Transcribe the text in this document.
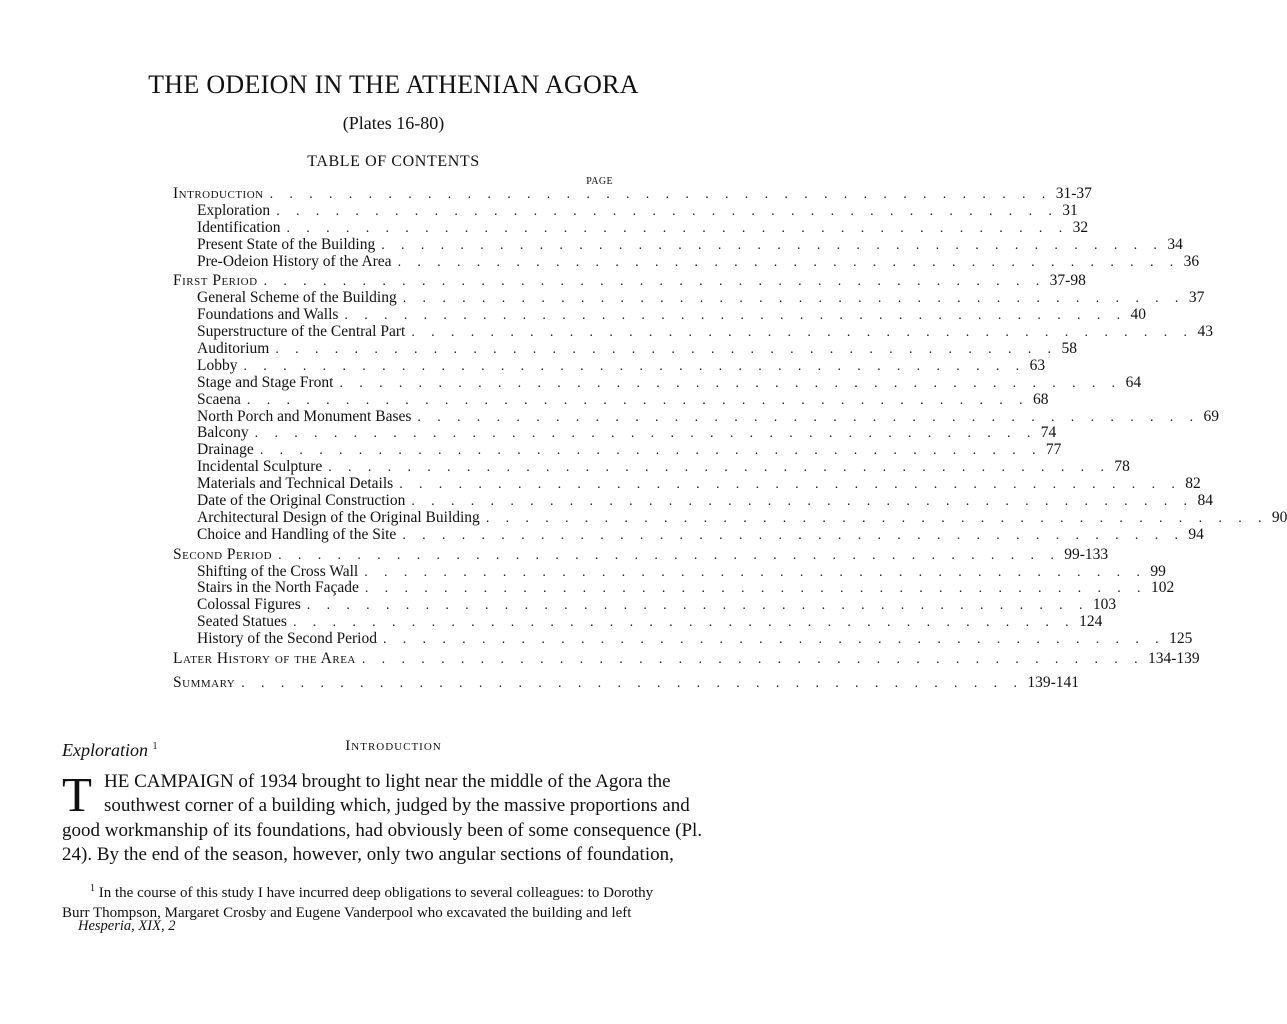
THE ODEION IN THE ATHENIAN AGORA
(Plates 16-80)
TABLE OF CONTENTS
PAGE
Introduction . . . . . . . . . . . . . . . . . . . . . . . . . . . . . . . . . . . . . . . . 31-37
Exploration . . . . . . . . . . . . . . . . . . . . . . . . . . . . . . . . . . . . . . . . 31
Identification . . . . . . . . . . . . . . . . . . . . . . . . . . . . . . . . . . . . . . . . 32
Present State of the Building . . . . . . . . . . . . . . . . . . . . . . . . . . . . . . . . . . . . . . . . 34
Pre-Odeion History of the Area . . . . . . . . . . . . . . . . . . . . . . . . . . . . . . . . . . . . . . . . 36
First Period . . . . . . . . . . . . . . . . . . . . . . . . . . . . . . . . . . . . . . . . 37-98
General Scheme of the Building . . . . . . . . . . . . . . . . . . . . . . . . . . . . . . . . . . . . . . . . 37
Foundations and Walls . . . . . . . . . . . . . . . . . . . . . . . . . . . . . . . . . . . . . . . . 40
Superstructure of the Central Part . . . . . . . . . . . . . . . . . . . . . . . . . . . . . . . . . . . . . . . . 43
Auditorium . . . . . . . . . . . . . . . . . . . . . . . . . . . . . . . . . . . . . . . . 58
Lobby . . . . . . . . . . . . . . . . . . . . . . . . . . . . . . . . . . . . . . . . 63
Stage and Stage Front . . . . . . . . . . . . . . . . . . . . . . . . . . . . . . . . . . . . . . . . 64
Scaena . . . . . . . . . . . . . . . . . . . . . . . . . . . . . . . . . . . . . . . . 68
North Porch and Monument Bases . . . . . . . . . . . . . . . . . . . . . . . . . . . . . . . . . . . . . . . . 69
Balcony . . . . . . . . . . . . . . . . . . . . . . . . . . . . . . . . . . . . . . . . 74
Drainage . . . . . . . . . . . . . . . . . . . . . . . . . . . . . . . . . . . . . . . . 77
Incidental Sculpture . . . . . . . . . . . . . . . . . . . . . . . . . . . . . . . . . . . . . . . . 78
Materials and Technical Details . . . . . . . . . . . . . . . . . . . . . . . . . . . . . . . . . . . . . . . . 82
Date of the Original Construction . . . . . . . . . . . . . . . . . . . . . . . . . . . . . . . . . . . . . . . . 84
Architectural Design of the Original Building . . . . . . . . . . . . . . . . . . . . . . . . . . . . . . . . . . . . . . . . 90
Choice and Handling of the Site . . . . . . . . . . . . . . . . . . . . . . . . . . . . . . . . . . . . . . . . 94
Second Period . . . . . . . . . . . . . . . . . . . . . . . . . . . . . . . . . . . . . . . . 99-133
Shifting of the Cross Wall . . . . . . . . . . . . . . . . . . . . . . . . . . . . . . . . . . . . . . . . 99
Stairs in the North Façade . . . . . . . . . . . . . . . . . . . . . . . . . . . . . . . . . . . . . . . . 102
Colossal Figures . . . . . . . . . . . . . . . . . . . . . . . . . . . . . . . . . . . . . . . . 103
Seated Statues . . . . . . . . . . . . . . . . . . . . . . . . . . . . . . . . . . . . . . . . 124
History of the Second Period . . . . . . . . . . . . . . . . . . . . . . . . . . . . . . . . . . . . . . . . 125
Later History of the Area . . . . . . . . . . . . . . . . . . . . . . . . . . . . . . . . . . . . . . . . 134-139
Summary . . . . . . . . . . . . . . . . . . . . . . . . . . . . . . . . . . . . . . . . 139-141
Exploration $^1$	Introduction
T HE CAMPAIGN of 1934 brought to light near the middle of the Agora the
southwest corner of a building which, judged by the massive proportions and
good workmanship of its foundations, had obviously been of some consequence (Pl.
24). By the end of the season, however, only two angular sections of foundation,
$^1$ In the course of this study I have incurred deep obligations to several colleagues: to Dorothy
Burr Thompson, Margaret Crosby and Eugene Vanderpool who excavated the building and left
Hesperia, XIX, 2
